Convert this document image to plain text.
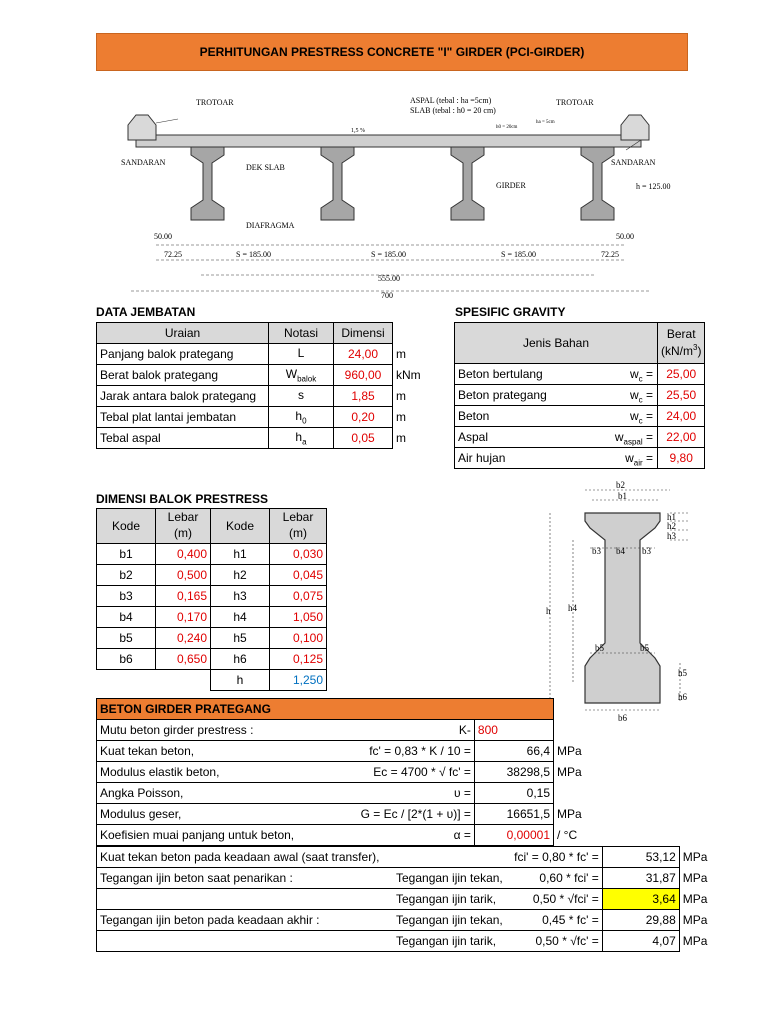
PERHITUNGAN PRESTRESS CONCRETE "I" GIRDER (PCI-GIRDER)
TROTOAR	TROTOAR
ASPAL (tebal : ha =5cm)
SLAB (tebal : h0 = 20 cm)
1,5 %
h0 = 20cm
ha = 5cm
SANDARAN	SANDARAN
DEK SLAB
GIRDER	h = 125.00
DIAFRAGMA
50.00	50.00
72.25	72.25
S = 185.00	S = 185.00	S = 185.00
555.00
700
DATA JEMBATAN
Uraian	Notasi	Dimensi	
Panjang balok prategang	L	24,00	m
Berat balok prategang	$W_{balok}$	960,00	kNm
Jarak antara balok prategang	s	1,85	m
Tebal plat lantai jembatan	$h_0$	0,20	m
Tebal aspal	$h_a$	0,05	m
SPESIFIC GRAVITY
Jenis Bahan	Berat
$(kN/m^3)$
Beton bertulang $w_c$ =	25,00
Beton prategang $w_c$ =	25,50
Beton $w_c$ =	24,00
Aspal $w_{aspal}$ =	22,00
Air hujan $w_{air}$ =	9,80
DIMENSI BALOK PRESTRESS
Kode	Lebar
(m)	Kode	Lebar
(m)
b1	0,400	h1	0,030
b2	0,500	h2	0,045
b3	0,165	h3	0,075
b4	0,170	h4	1,050
b5	0,240	h5	0,100
b6	0,650	h6	0,125
		h	1,250
b2
b1
h1
h2
h3
b3 b4 b3
h h4
b5	b5
h5
h6
b6
BETON GIRDER PRATEGANG			
Mutu beton girder prestress :	K-	800	
Kuat tekan beton,	fc' = 0,83 * K / 10 =	66,4	MPa
Modulus elastik beton,	Ec = 4700 * √ fc' =	38298,5	MPa
Angka Poisson,	υ =	0,15	
Modulus geser,	G = Ec / [2*(1 + υ)] =	16651,5	MPa
Koefisien muai panjang untuk beton,	α =	0,00001	/ °C
Kuat tekan beton pada keadaan awal (saat transfer),		fci' = 0,80 * fc' =	53,12	MPa
Tegangan ijin beton saat penarikan :	Tegangan ijin tekan,	0,60 * fci' =	31,87	MPa
	Tegangan ijin tarik,	0,50 * √fci' =	3,64	MPa
Tegangan ijin beton pada keadaan akhir :	Tegangan ijin tekan,	0,45 * fc' =	29,88	MPa
	Tegangan ijin tarik,	0,50 * √fc' =	4,07	MPa
